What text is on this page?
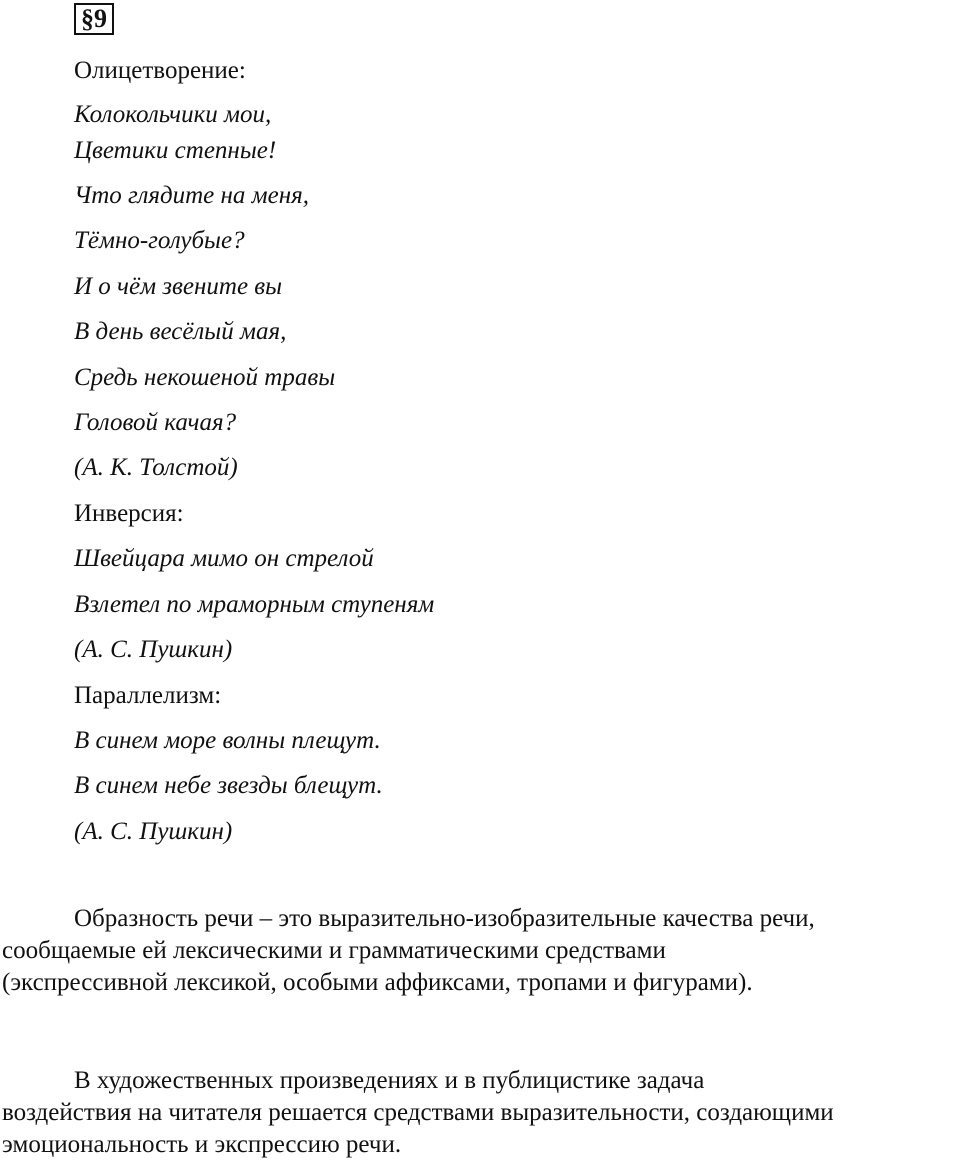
§9
Олицетворение:
Колокольчики мои,
Цветики степные!
Что глядите на меня,
Тёмно-голубые?
И о чём звените вы
В день весёлый мая,
Средь некошеной травы
Головой качая?
(А. К. Толстой)
Инверсия:
Швейцара мимо он стрелой
Взлетел по мраморным ступеням
(А. С. Пушкин)
Параллелизм:
В синем море волны плещут.
В синем небе звезды блещут.
(А. С. Пушкин)
Образность речи – это выразительно-изобразительные качества речи,
сообщаемые ей лексическими и грамматическими средствами
(экспрессивной лексикой, особыми аффиксами, тропами и фигурами).
В художественных произведениях и в публицистике задача
воздействия на читателя решается средствами выразительности, создающими
эмоциональность и экспрессию речи.
